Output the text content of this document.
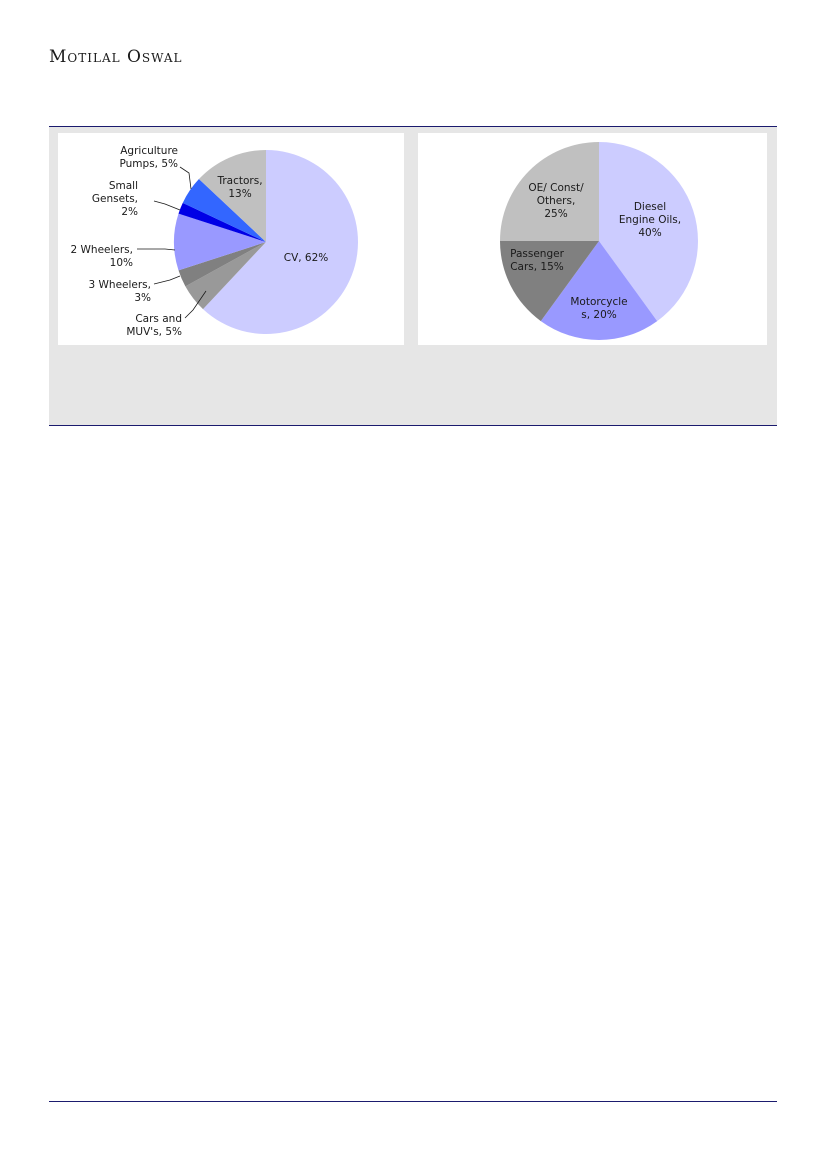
Motilal Oswal
CV, 62%
Cars and MUV's, 5%
3 Wheelers, 3%
2 Wheelers, 10%
Small Gensets, 2%
Agriculture Pumps, 5%
Tractors, 13%
Diesel Engine Oils, 40%
Motorcycle s, 20%
Passenger Cars, 15%
OE/ Const/ Others, 25%
